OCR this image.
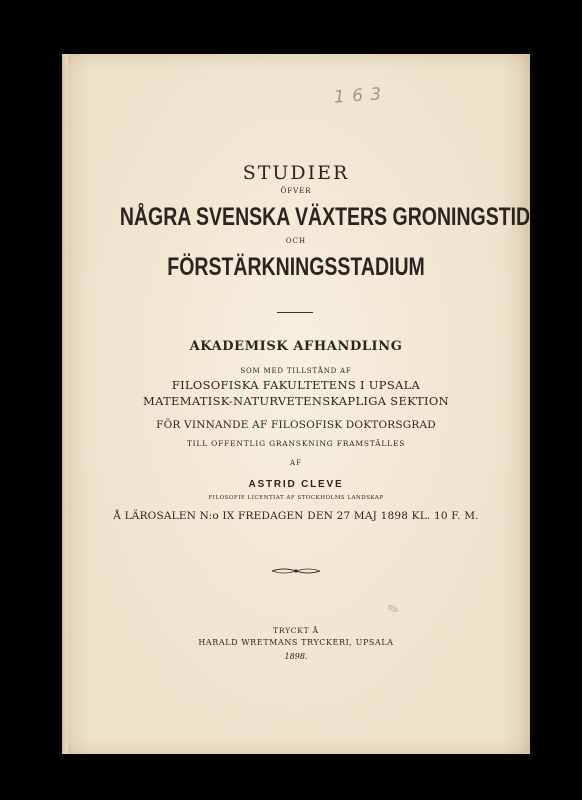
1 6 3
STUDIER
ÖFVER
NÅGRA SVENSKA VÄXTERS GRONINGSTID
OCH
FÖRSTÄRKNINGSSTADIUM
AKADEMISK AFHANDLING
SOM MED TILLSTÅND AF
FILOSOFISKA FAKULTETENS I UPSALA
MATEMATISK-NATURVETENSKAPLIGA SEKTION
FÖR VINNANDE AF FILOSOFISK DOKTORSGRAD
TILL OFFENTLIG GRANSKNING FRAMSTÄLLES
AF
ASTRID CLEVE
FILOSOFIE LICENTIAT AF STOCKHOLMS LANDSKAP
Å LÄROSALEN N:o IX FREDAGEN DEN 27 MAJ 1898 KL. 10 F. M.
✎
TRYCKT Å
HARALD WRETMANS TRYCKERI, UPSALA
1898.
